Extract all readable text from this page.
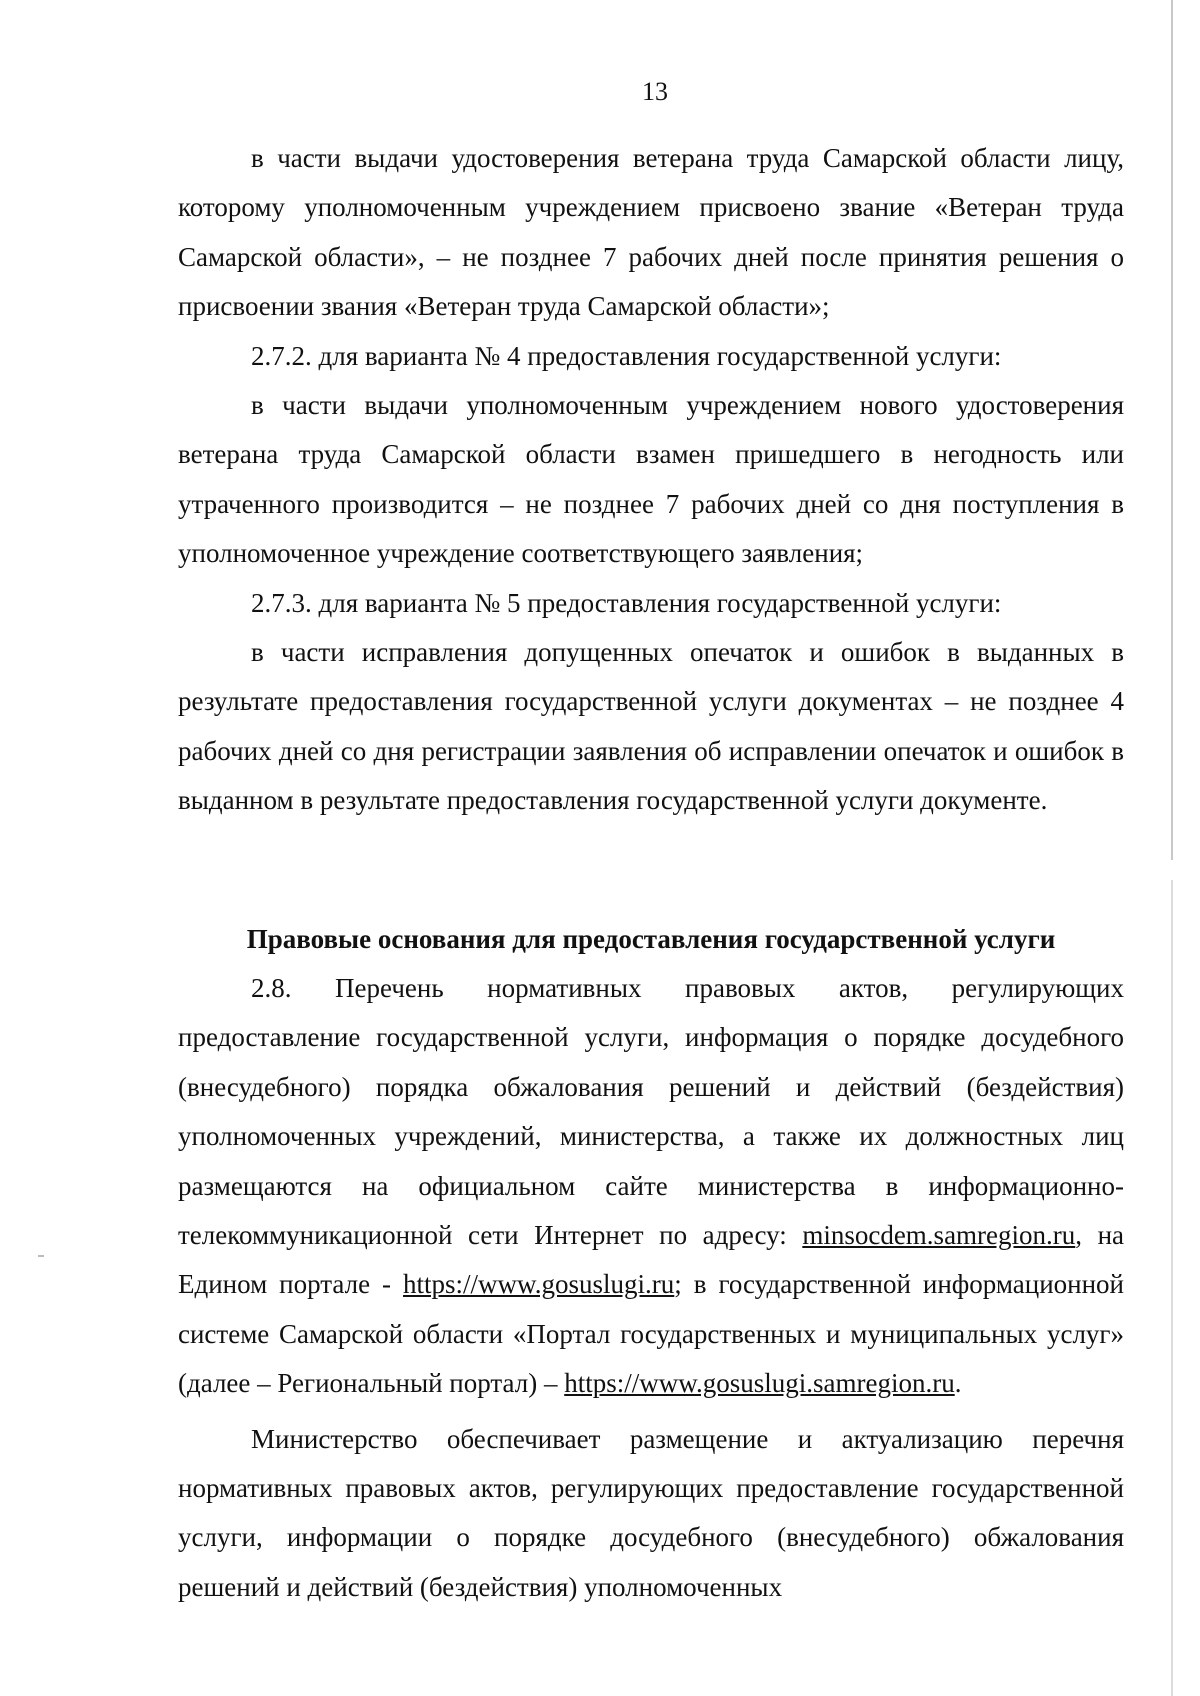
13

в части выдачи удостоверения ветерана труда Самарской области лицу, которому уполномоченным учреждением присвоено звание «Ветеран труда Самарской области», – не позднее 7 рабочих дней после принятия решения о присвоении звания «Ветеран труда Самарской области»;

2.7.2. для варианта № 4 предоставления государственной услуги:

в части выдачи уполномоченным учреждением нового удостоверения ветерана труда Самарской области взамен пришедшего в негодность или утраченного производится – не позднее 7 рабочих дней со дня поступления в уполномоченное учреждение соответствующего заявления;

2.7.3. для варианта № 5 предоставления государственной услуги:

в части исправления допущенных опечаток и ошибок в выданных в результате предоставления государственной услуги документах – не позднее 4 рабочих дней со дня регистрации заявления об исправлении опечаток и ошибок в выданном в результате предоставления государственной услуги документе.

Правовые основания для предоставления государственной услуги

2.8. Перечень нормативных правовых актов, регулирующих предоставление государственной услуги, информация о порядке досудебного (внесудебного) порядка обжалования решений и действий (бездействия) уполномоченных учреждений, министерства, а также их должностных лиц размещаются на официальном сайте министерства в информационно-телекоммуникационной сети Интернет по адресу: minsocdem.samregion.ru, на Едином портале - https://www.gosuslugi.ru; в государственной информационной системе Самарской области «Портал государственных и муниципальных услуг» (далее – Региональный портал) – https://www.gosuslugi.samregion.ru.

Министерство обеспечивает размещение и актуализацию перечня нормативных правовых актов, регулирующих предоставление государственной услуги, информации о порядке досудебного (внесудебного) обжалования решений и действий (бездействия) уполномоченных
